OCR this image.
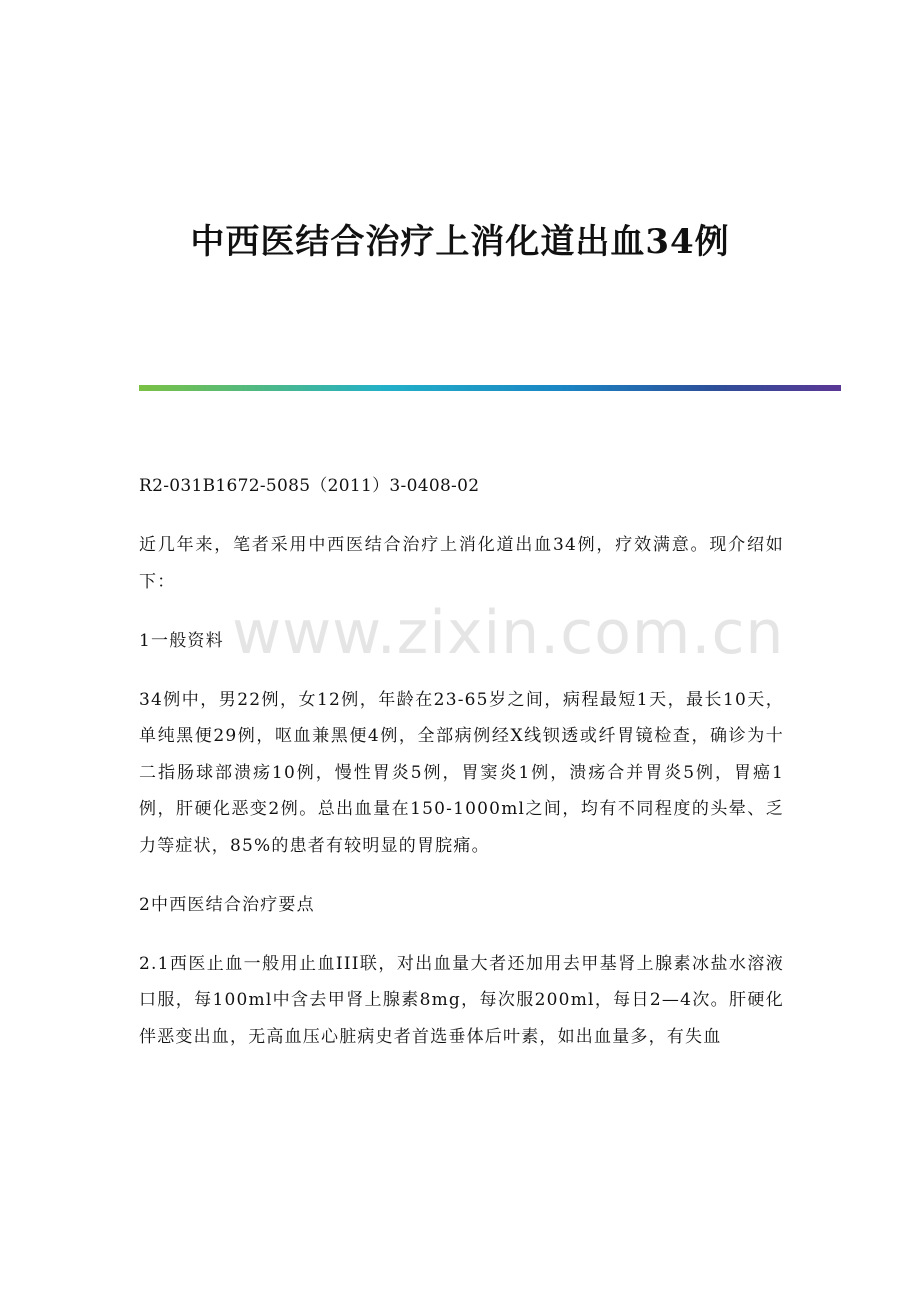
中西医结合治疗上消化道出血34例
www.zixin.com.cn

R2-031B1672-5085（2011）3-0408-02

近几年来，笔者采用中西医结合治疗上消化道出血34例，疗效满意。现介绍如下：

1一般资料

34例中，男22例，女12例，年龄在23-65岁之间，病程最短1天，最长10天，单纯黑便29例，呕血兼黑便4例，全部病例经X线钡透或纤胃镜检查，确诊为十二指肠球部溃疡10例，慢性胃炎5例，胃窦炎1例，溃疡合并胃炎5例，胃癌1例，肝硬化恶变2例。总出血量在150-1000ml之间，均有不同程度的头晕、乏力等症状，85%的患者有较明显的胃脘痛。

2中西医结合治疗要点

2.1西医止血一般用止血III联，对出血量大者还加用去甲基肾上腺素冰盐水溶液口服，每100ml中含去甲肾上腺素8mg，每次服200ml，每日2—4次。肝硬化伴恶变出血，无高血压心脏病史者首选垂体后叶素，如出血量多，有失血
